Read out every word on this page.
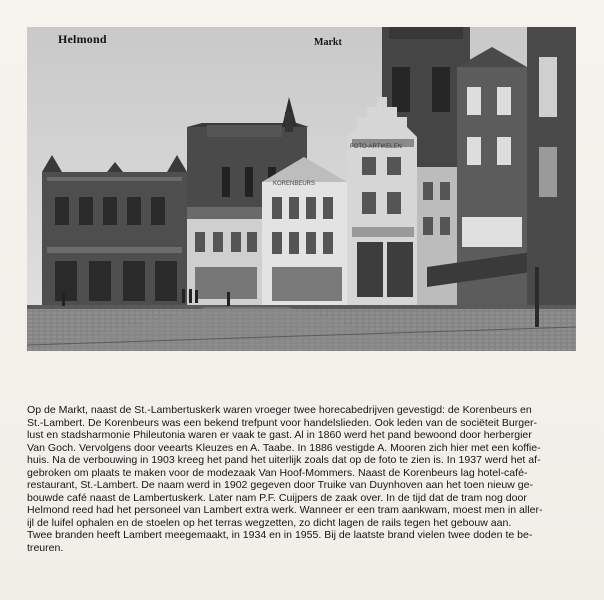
FOTO-ARTIKELEN
KORENBEURS
Helmond	Markt

Op de Markt, naast de St.-Lambertuskerk waren vroeger twee horecabedrijven gevestigd: de Korenbeurs en
St.-Lambert. De Korenbeurs was een bekend trefpunt voor handelslieden. Ook leden van de sociëteit Burger-
lust en stadsharmonie Phileutonia waren er vaak te gast. Al in 1860 werd het pand bewoond door herbergier
Van Goch. Vervolgens door veearts Kleuzes en A. Taabe. In 1886 vestigde A. Mooren zich hier met een koffie-
huis. Na de verbouwing in 1903 kreeg het pand het uiterlijk zoals dat op de foto te zien is. In 1937 werd het af-
gebroken om plaats te maken voor de modezaak Van Hoof-Mommers. Naast de Korenbeurs lag hotel-café-
restaurant, St.-Lambert. De naam werd in 1902 gegeven door Truike van Duynhoven aan het toen nieuw ge-
bouwde café naast de Lambertuskerk. Later nam P.F. Cuijpers de zaak over. In de tijd dat de tram nog door
Helmond reed had het personeel van Lambert extra werk. Wanneer er een tram aankwam, moest men in aller-
ijl de luifel ophalen en de stoelen op het terras wegzetten, zo dicht lagen de rails tegen het gebouw aan.
Twee branden heeft Lambert meegemaakt, in 1934 en in 1955. Bij de laatste brand vielen twee doden te be-
treuren.
